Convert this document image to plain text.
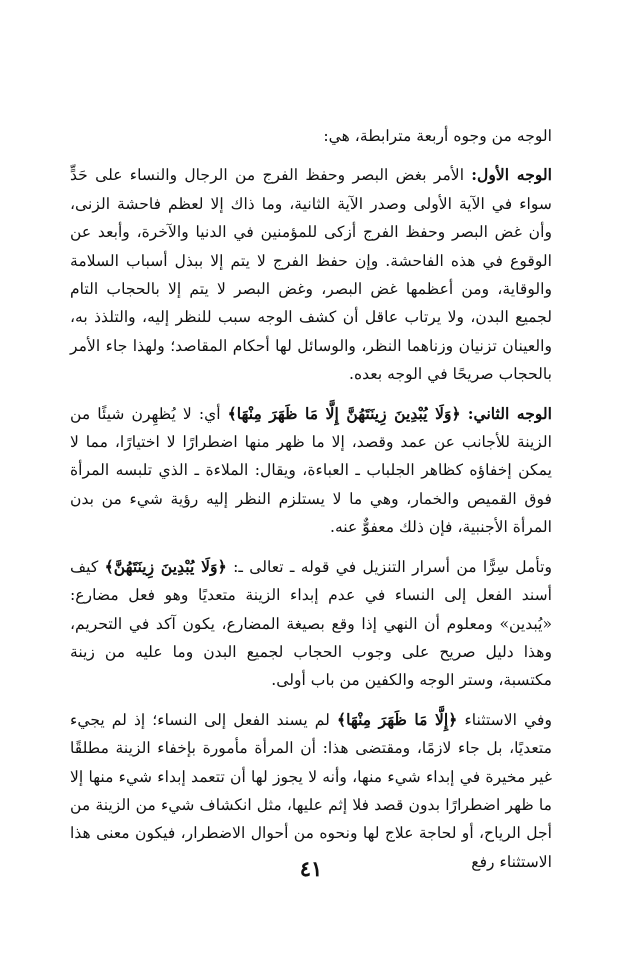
الوجه من وجوه أربعة مترابطة، هي:

الوجه الأول: الأمر بغض البصر وحفظ الفرج من الرجال والنساء على حَدٍّ سواء في الآية الأولى وصدر الآية الثانية، وما ذاك إلا لعظم فاحشة الزنى، وأن غض البصر وحفظ الفرج أزكى للمؤمنين في الدنيا والآخرة، وأبعد عن الوقوع في هذه الفاحشة. وإن حفظ الفرج لا يتم إلا ببذل أسباب السلامة والوقاية، ومن أعظمها غض البصر، وغض البصر لا يتم إلا بالحجاب التام لجميع البدن، ولا يرتاب عاقل أن كشف الوجه سبب للنظر إليه، والتلذذ به، والعينان تزنيان وزناهما النظر، والوسائل لها أحكام المقاصد؛ ولهذا جاء الأمر بالحجاب صريحًا في الوجه بعده.

الوجه الثاني: ﴿وَلَا يُبْدِينَ زِينَتَهُنَّ إِلَّا مَا ظَهَرَ مِنْهَا﴾ أي: لا يُظهِرن شيئًا من الزينة للأجانب عن عمد وقصد، إلا ما ظهر منها اضطرارًا لا اختيارًا، مما لا يمكن إخفاؤه كظاهر الجلباب ـ العباءة، ويقال: الملاءة ـ الذي تلبسه المرأة فوق القميص والخمار، وهي ما لا يستلزم النظر إليه رؤية شيء من بدن المرأة الأجنبية، فإن ذلك معفوٌّ عنه.

وتأمل سِرًّا من أسرار التنزيل في قوله ـ تعالى ـ: ﴿وَلَا يُبْدِينَ زِينَتَهُنَّ﴾ كيف أسند الفعل إلى النساء في عدم إبداء الزينة متعديًا وهو فعل مضارع: «يُبدين» ومعلوم أن النهي إذا وقع بصيغة المضارع، يكون آكد في التحريم، وهذا دليل صريح على وجوب الحجاب لجميع البدن وما عليه من زينة مكتسبة، وستر الوجه والكفين من باب أولى.

وفي الاستثناء ﴿إِلَّا مَا ظَهَرَ مِنْهَا﴾ لم يسند الفعل إلى النساء؛ إذ لم يجيء متعديًا، بل جاء لازمًا، ومقتضى هذا: أن المرأة مأمورة بإخفاء الزينة مطلقًا غير مخيرة في إبداء شيء منها، وأنه لا يجوز لها أن تتعمد إبداء شيء منها إلا ما ظهر اضطرارًا بدون قصد فلا إثم عليها، مثل انكشاف شيء من الزينة من أجل الرياح، أو لحاجة علاج لها ونحوه من أحوال الاضطرار، فيكون معنى هذا الاستثناء رفع

٤١
